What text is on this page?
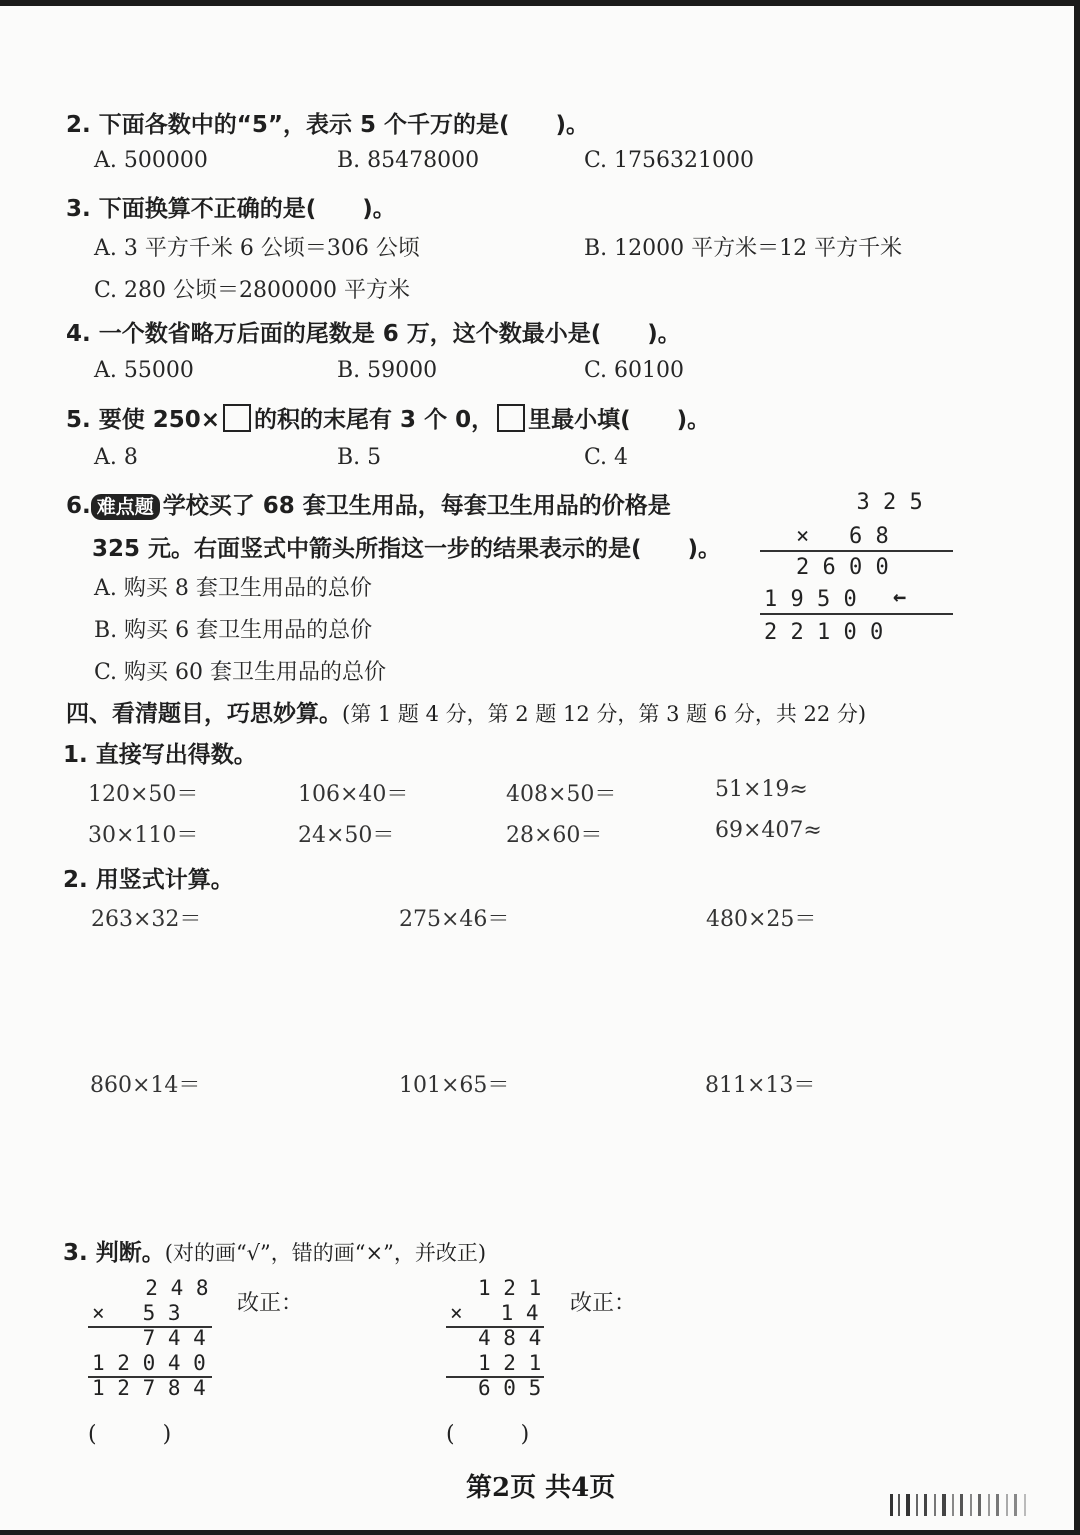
2. 下面各数中的“5”，表示 5 个千万的是(　　)。
A. 500000	B. 85478000	C. 1756321000
3. 下面换算不正确的是(　　)。
A. 3 平方千米 6 公顷＝306 公顷	B. 12000 平方米＝12 平方千米
C. 280 公顷＝2800000 平方米
4. 一个数省略万后面的尾数是 6 万，这个数最小是(　　)。
A. 55000	B. 59000	C. 60100
5. 要使 250× 的积的末尾有 3 个 0， 里最小填(　　)。
A. 8	B. 5	C. 4
6. 难点题 学校买了 68 套卫生用品，每套卫生用品的价格是
325 元。右面竖式中箭头所指这一步的结果表示的是(　　)。
A. 购买 8 套卫生用品的总价
B. 购买 6 套卫生用品的总价
C. 购买 60 套卫生用品的总价
3 2 5
×   6 8
2 6 0 0
1 9 5 0 ←
2 2 1 0 0
四、看清题目，巧思妙算。(第 1 题 4 分，第 2 题 12 分，第 3 题 6 分，共 22 分)
1. 直接写出得数。
120×50＝	106×40＝	408×50＝	51×19≈
30×110＝	24×50＝	28×60＝	69×407≈
2. 用竖式计算。
263×32＝	275×46＝	480×25＝
860×14＝	101×65＝	811×13＝
3. 判断。(对的画“√”，错的画“×”，并改正)
2 4 8
×   5 3
7 4 4
1 2 0 4 0
1 2 7 8 4
改正：
(　　　)
1 2 1
×   1 4
4 8 4
1 2 1
6 0 5
改正：
(　　　)
第2页 共4页
